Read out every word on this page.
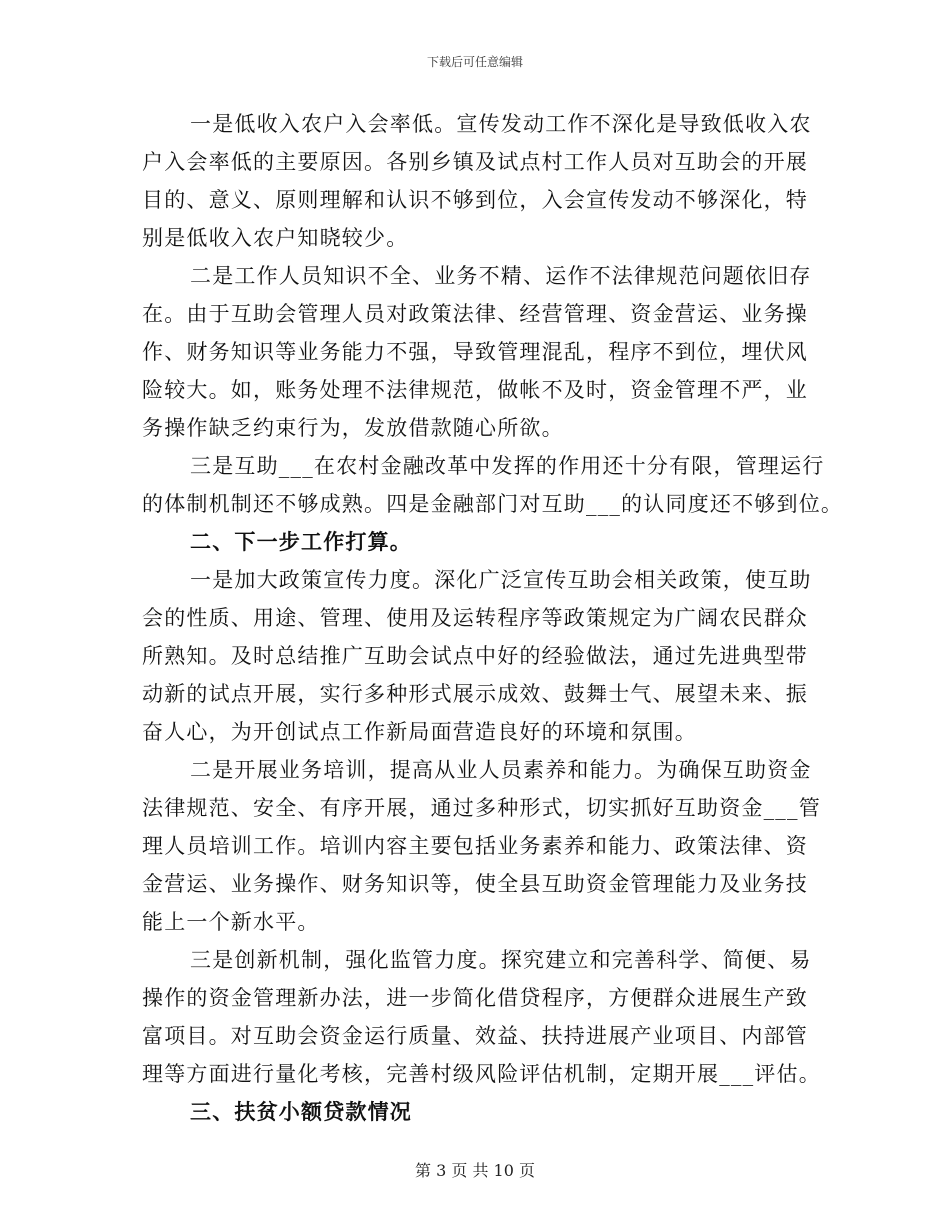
下载后可任意编辑
一是低收入农户入会率低。宣传发动工作不深化是导致低收入农
户入会率低的主要原因。各别乡镇及试点村工作人员对互助会的开展
目的、意义、原则理解和认识不够到位，入会宣传发动不够深化，特
别是低收入农户知晓较少。
二是工作人员知识不全、业务不精、运作不法律规范问题依旧存
在。由于互助会管理人员对政策法律、经营管理、资金营运、业务操
作、财务知识等业务能力不强，导致管理混乱，程序不到位，埋伏风
险较大。如，账务处理不法律规范，做帐不及时，资金管理不严，业
务操作缺乏约束行为，发放借款随心所欲。
三是互助___在农村金融改革中发挥的作用还十分有限，管理运行
的体制机制还不够成熟。四是金融部门对互助___的认同度还不够到位。
二、下一步工作打算。
一是加大政策宣传力度。深化广泛宣传互助会相关政策，使互助
会的性质、用途、管理、使用及运转程序等政策规定为广阔农民群众
所熟知。及时总结推广互助会试点中好的经验做法，通过先进典型带
动新的试点开展，实行多种形式展示成效、鼓舞士气、展望未来、振
奋人心，为开创试点工作新局面营造良好的环境和氛围。
二是开展业务培训，提高从业人员素养和能力。为确保互助资金
法律规范、安全、有序开展，通过多种形式，切实抓好互助资金___管
理人员培训工作。培训内容主要包括业务素养和能力、政策法律、资
金营运、业务操作、财务知识等，使全县互助资金管理能力及业务技
能上一个新水平。
三是创新机制，强化监管力度。探究建立和完善科学、简便、易
操作的资金管理新办法，进一步简化借贷程序，方便群众进展生产致
富项目。对互助会资金运行质量、效益、扶持进展产业项目、内部管
理等方面进行量化考核，完善村级风险评估机制，定期开展___评估。
三、扶贫小额贷款情况
第 3 页 共 10 页
